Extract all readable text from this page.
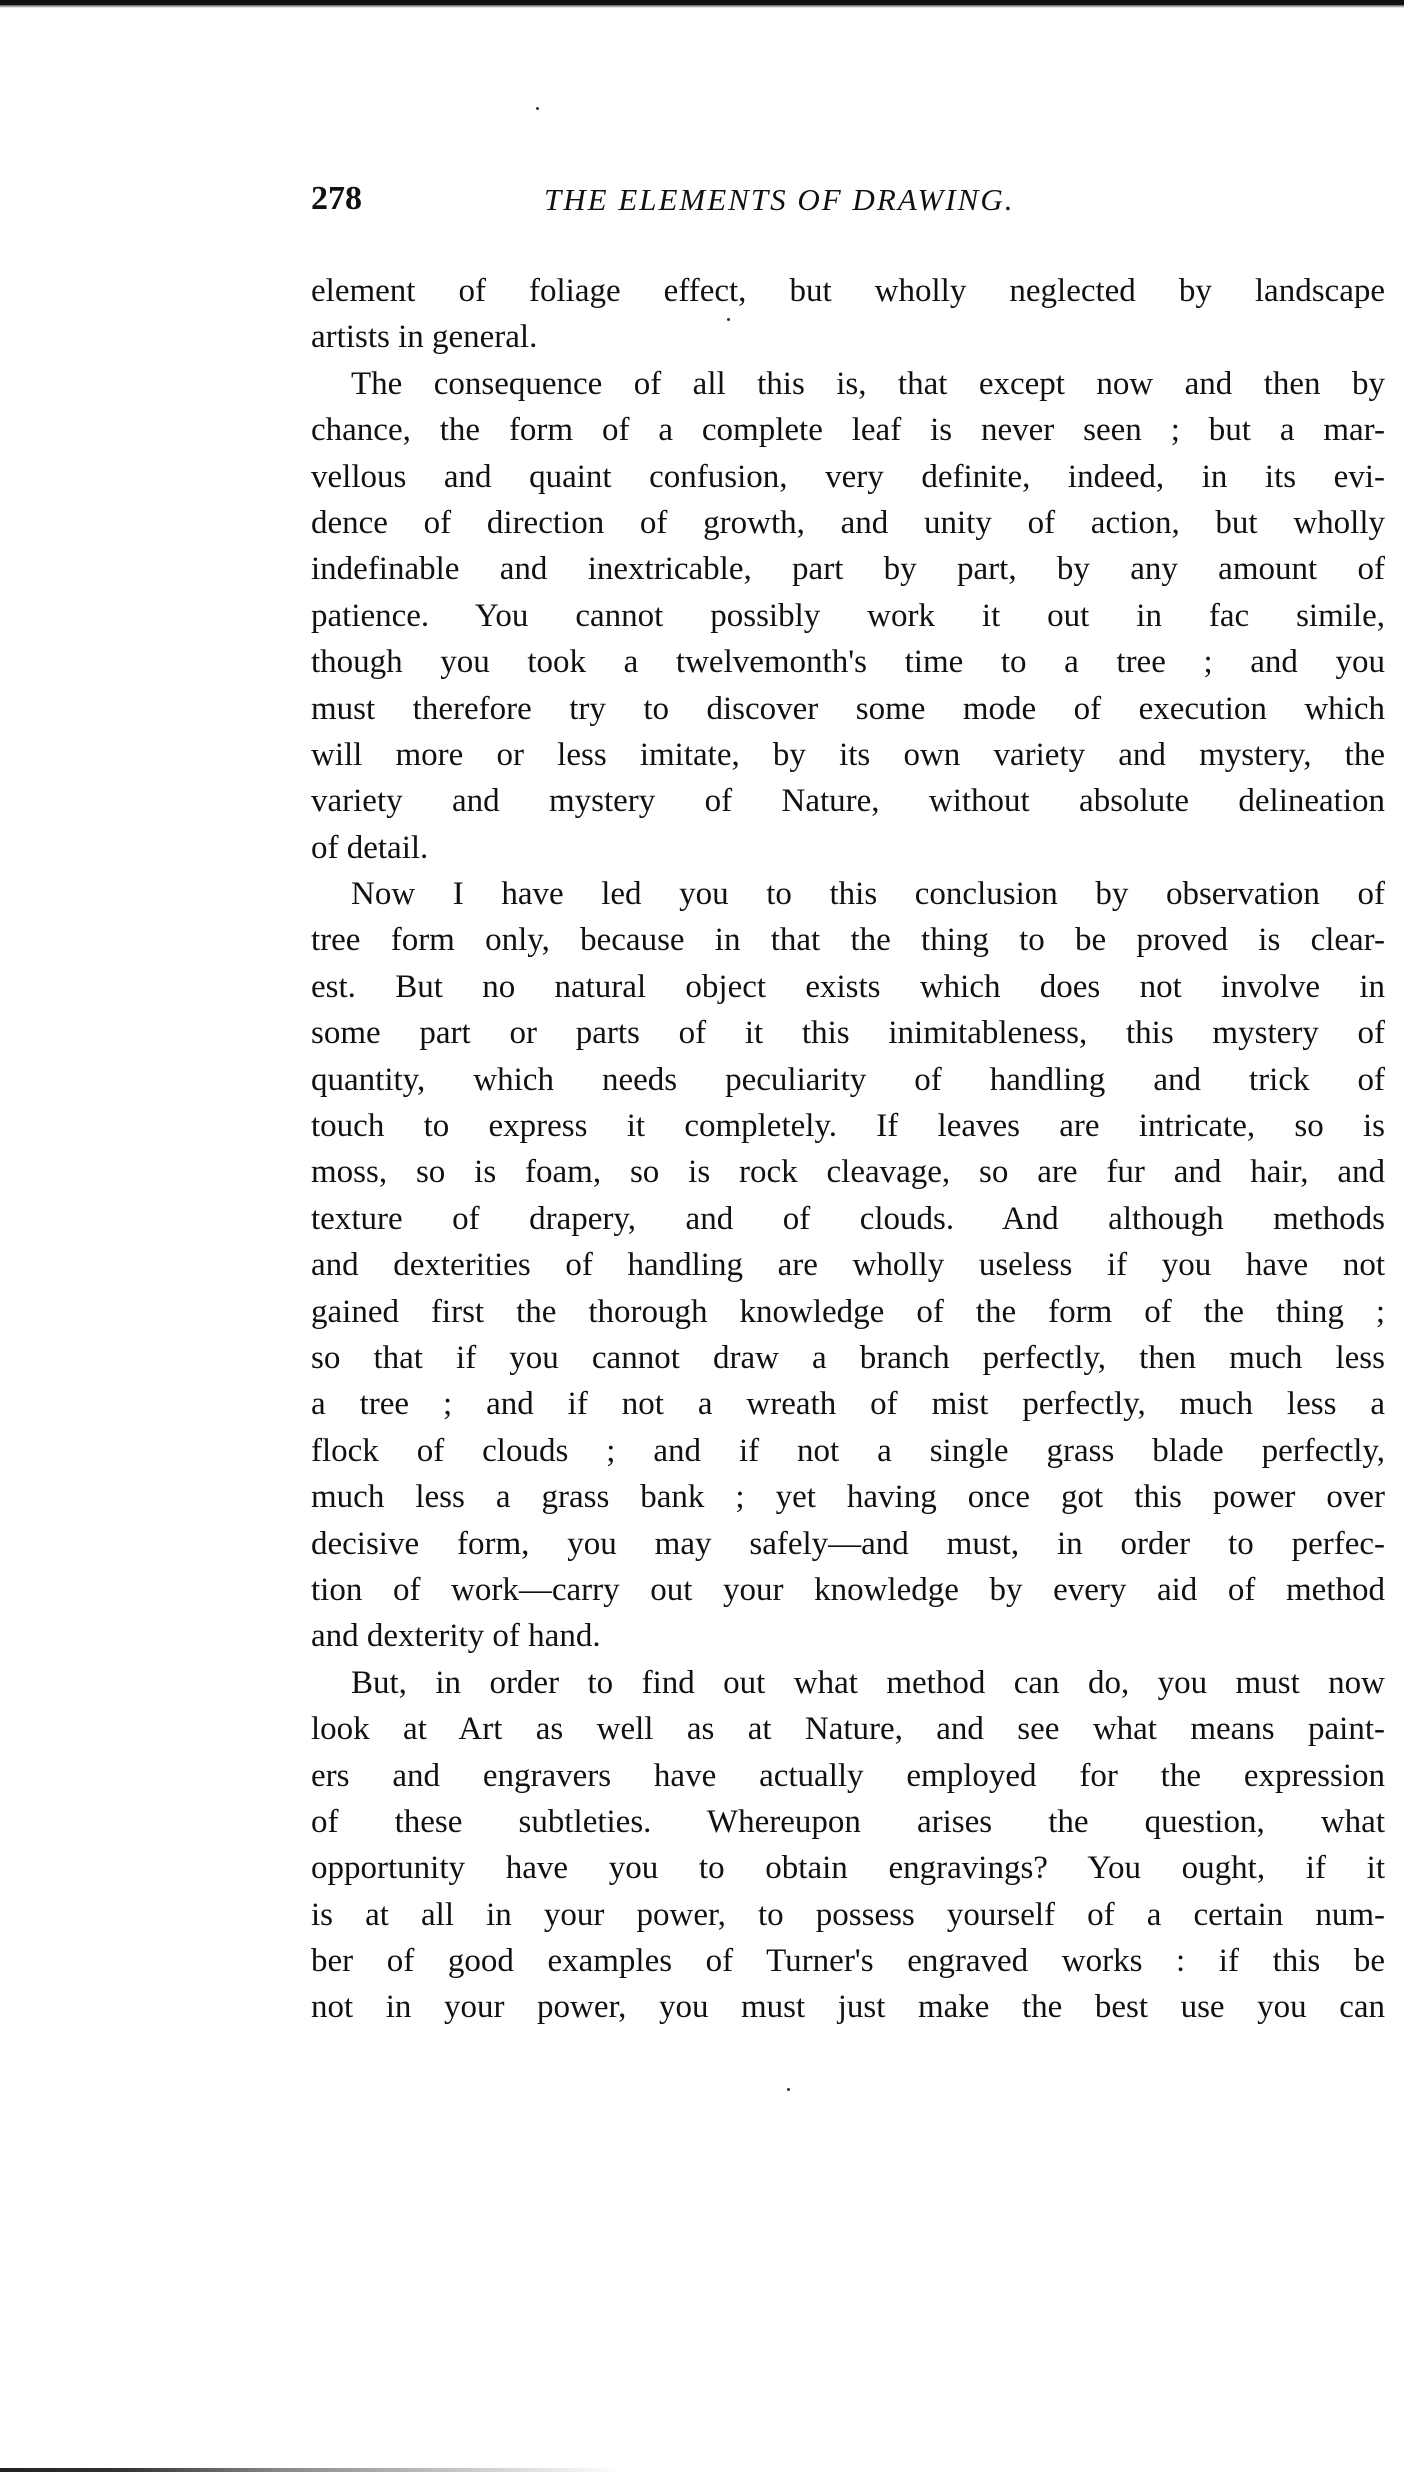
278	THE ELEMENTS OF DRAWING.
element of foliage effect, but wholly neglected by landscape
artists in general.
The consequence of all this is, that except now and then by
chance, the form of a complete leaf is never seen ; but a mar-
vellous and quaint confusion, very definite, indeed, in its evi-
dence of direction of growth, and unity of action, but wholly
indefinable and inextricable, part by part, by any amount of
patience. You cannot possibly work it out in fac simile,
though you took a twelvemonth's time to a tree ; and you
must therefore try to discover some mode of execution which
will more or less imitate, by its own variety and mystery, the
variety and mystery of Nature, without absolute delineation
of detail.
Now I have led you to this conclusion by observation of
tree form only, because in that the thing to be proved is clear-
est. But no natural object exists which does not involve in
some part or parts of it this inimitableness, this mystery of
quantity, which needs peculiarity of handling and trick of
touch to express it completely. If leaves are intricate, so is
moss, so is foam, so is rock cleavage, so are fur and hair, and
texture of drapery, and of clouds. And although methods
and dexterities of handling are wholly useless if you have not
gained first the thorough knowledge of the form of the thing ;
so that if you cannot draw a branch perfectly, then much less
a tree ; and if not a wreath of mist perfectly, much less a
flock of clouds ; and if not a single grass blade perfectly,
much less a grass bank ; yet having once got this power over
decisive form, you may safely—and must, in order to perfec-
tion of work—carry out your knowledge by every aid of method
and dexterity of hand.
But, in order to find out what method can do, you must now
look at Art as well as at Nature, and see what means paint-
ers and engravers have actually employed for the expression
of these subtleties. Whereupon arises the question, what
opportunity have you to obtain engravings? You ought, if it
is at all in your power, to possess yourself of a certain num-
ber of good examples of Turner's engraved works : if this be
not in your power, you must just make the best use you can
